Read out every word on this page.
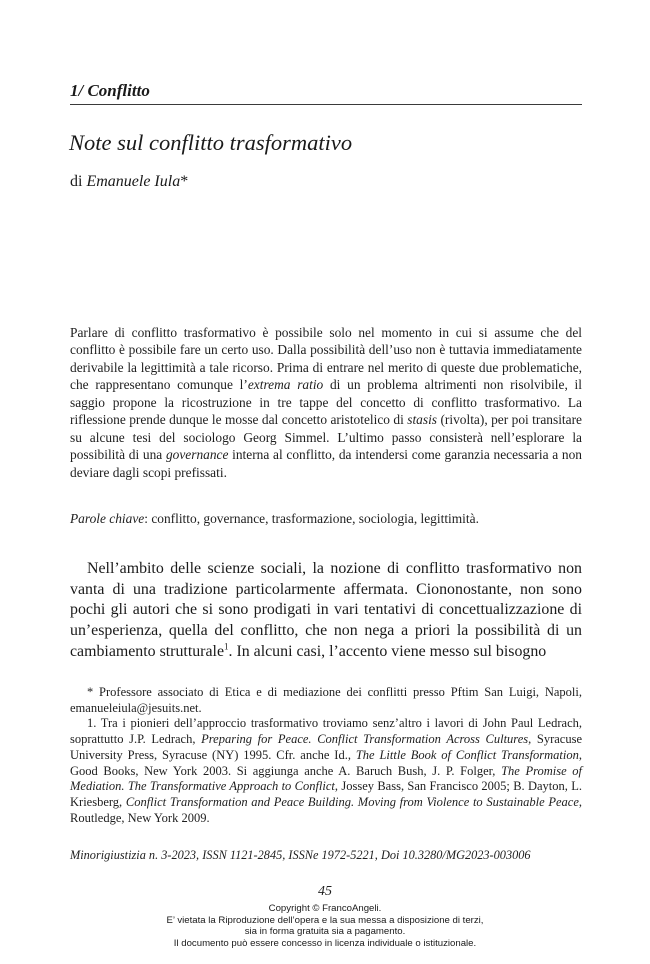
1/ Conflitto
Note sul conflitto trasformativo
di Emanuele Iula*
Parlare di conflitto trasformativo è possibile solo nel momento in cui si assume che del conflitto è possibile fare un certo uso. Dalla possibilità dell’uso non è tuttavia immediatamente derivabile la legittimità a tale ricorso. Prima di entrare nel merito di queste due problematiche, che rappresentano comunque l’extrema ratio di un problema altrimenti non risolvibile, il saggio propone la ricostruzione in tre tappe del concetto di conflitto trasformativo. La riflessione prende dunque le mosse dal concetto aristotelico di stasis (rivolta), per poi transitare su alcune tesi del sociologo Georg Simmel. L’ultimo passo consisterà nell’esplorare la possibilità di una governance interna al conflitto, da intendersi come garanzia necessaria a non deviare dagli scopi prefissati.
Parole chiave: conflitto, governance, trasformazione, sociologia, legittimità.
Nell’ambito delle scienze sociali, la nozione di conflitto trasformativo non vanta di una tradizione particolarmente affermata. Ciononostante, non sono pochi gli autori che si sono prodigati in vari tentativi di concettualizzazione di un’esperienza, quella del conflitto, che non nega a priori la possibilità di un cambiamento strutturale$^1$. In alcuni casi, l’accento viene messo sul bisogno

* Professore associato di Etica e di mediazione dei conflitti presso Pftim San Luigi, Napoli, emanueleiula@jesuits.net.

1. Tra i pionieri dell’approccio trasformativo troviamo senz’altro i lavori di John Paul Ledrach, soprattutto J.P. Ledrach, Preparing for Peace. Conflict Transformation Across Cultures, Syracuse University Press, Syracuse (NY) 1995. Cfr. anche Id., The Little Book of Conflict Transformation, Good Books, New York 2003. Si aggiunga anche A. Baruch Bush, J. P. Folger, The Promise of Mediation. The Transformative Approach to Conflict, Jossey Bass, San Francisco 2005; B. Dayton, L. Kriesberg, Conflict Transformation and Peace Building. Moving from Violence to Sustainable Peace, Routledge, New York 2009.

Minorigiustizia n. 3-2023, ISSN 1121-2845, ISSNe 1972-5221, Doi 10.3280/MG2023-003006
45
Copyright © FrancoAngeli.
E’ vietata la Riproduzione dell’opera e la sua messa a disposizione di terzi,
sia in forma gratuita sia a pagamento.
Il documento può essere concesso in licenza individuale o istituzionale.
